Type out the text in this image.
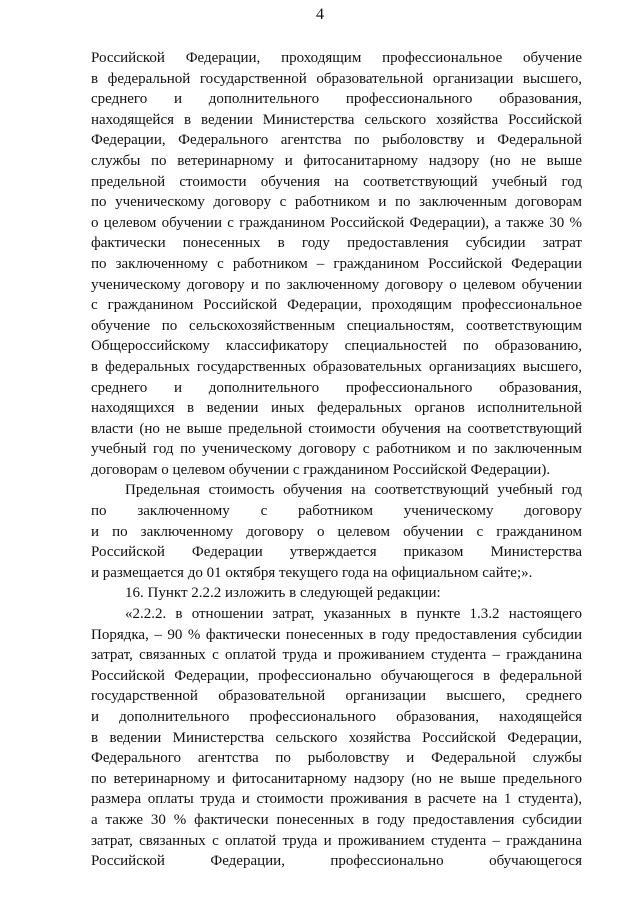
4
Российской Федерации, проходящим профессиональное обучение
в федеральной государственной образовательной организации высшего,
среднего и дополнительного профессионального образования,
находящейся в ведении Министерства сельского хозяйства Российской
Федерации, Федерального агентства по рыболовству и Федеральной
службы по ветеринарному и фитосанитарному надзору (но не выше
предельной стоимости обучения на соответствующий учебный год
по ученическому договору с работником и по заключенным договорам
о целевом обучении с гражданином Российской Федерации), а также 30 %
фактически понесенных в году предоставления субсидии затрат
по заключенному с работником – гражданином Российской Федерации
ученическому договору и по заключенному договору о целевом обучении
с гражданином Российской Федерации, проходящим профессиональное
обучение по сельскохозяйственным специальностям, соответствующим
Общероссийскому классификатору специальностей по образованию,
в федеральных государственных образовательных организациях высшего,
среднего и дополнительного профессионального образования,
находящихся в ведении иных федеральных органов исполнительной
власти (но не выше предельной стоимости обучения на соответствующий
учебный год по ученическому договору с работником и по заключенным
договорам о целевом обучении с гражданином Российской Федерации).
Предельная стоимость обучения на соответствующий учебный год
по заключенному с работником ученическому договору
и по заключенному договору о целевом обучении с гражданином
Российской Федерации утверждается приказом Министерства
и размещается до 01 октября текущего года на официальном сайте;».
16. Пункт 2.2.2 изложить в следующей редакции:
«2.2.2. в отношении затрат, указанных в пункте 1.3.2 настоящего
Порядка, – 90 % фактически понесенных в году предоставления субсидии
затрат, связанных с оплатой труда и проживанием студента – гражданина
Российской Федерации, профессионально обучающегося в федеральной
государственной образовательной организации высшего, среднего
и дополнительного профессионального образования, находящейся
в ведении Министерства сельского хозяйства Российской Федерации,
Федерального агентства по рыболовству и Федеральной службы
по ветеринарному и фитосанитарному надзору (но не выше предельного
размера оплаты труда и стоимости проживания в расчете на 1 студента),
а также 30 % фактически понесенных в году предоставления субсидии
затрат, связанных с оплатой труда и проживанием студента – гражданина
Российской Федерации, профессионально обучающегося
